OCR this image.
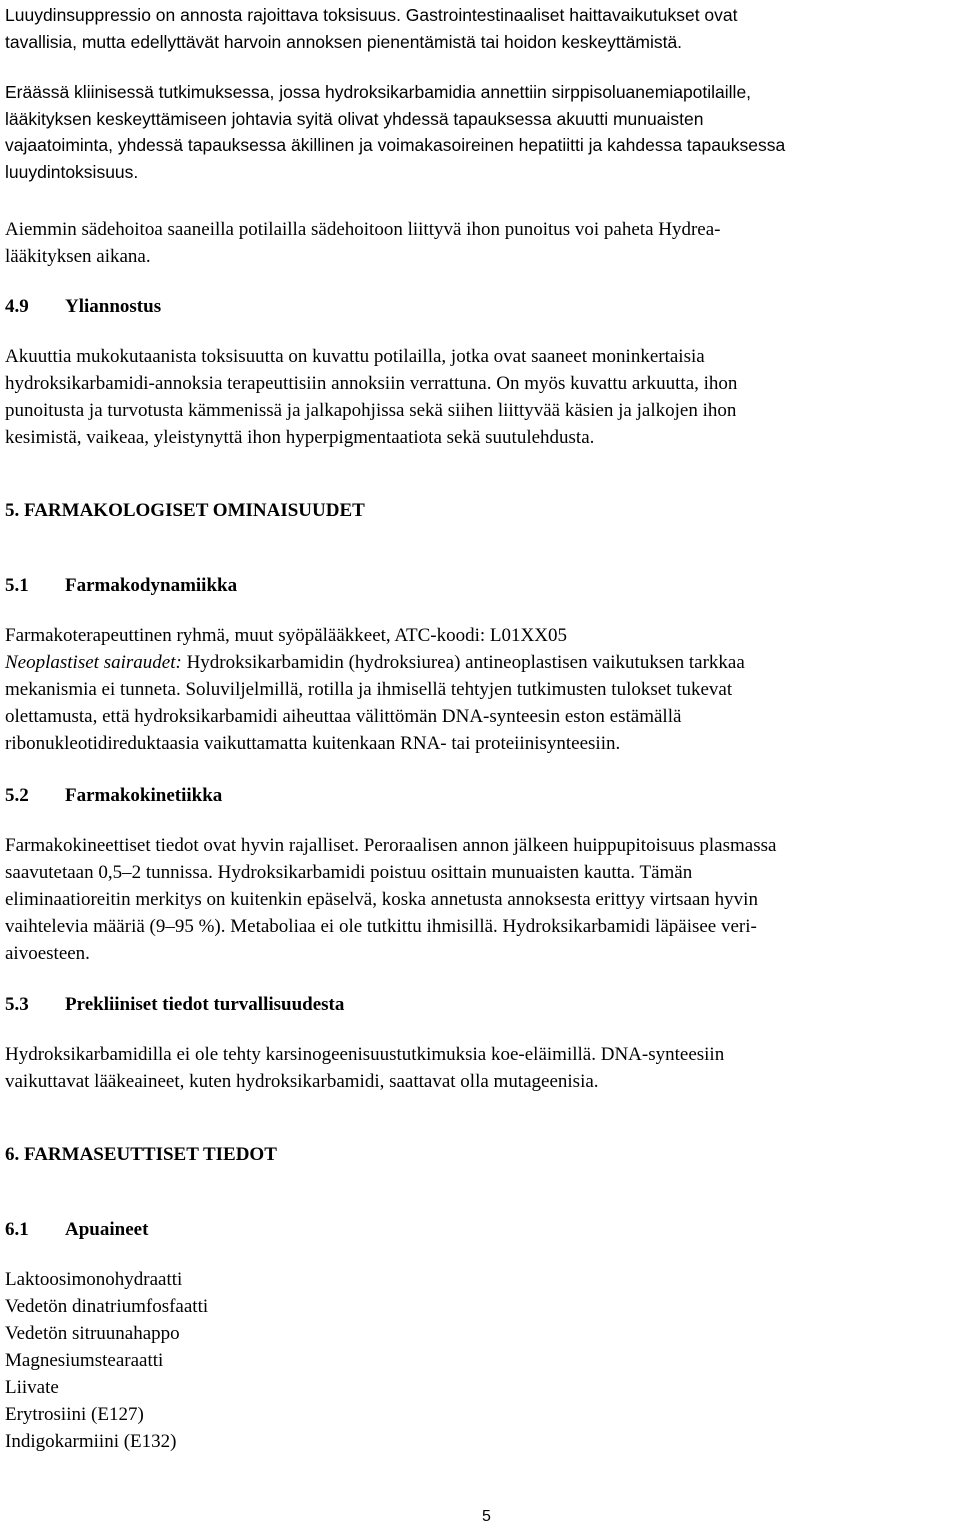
Luuydinsuppressio on annosta rajoittava toksisuus. Gastrointestinaaliset haittavaikutukset ovat
tavallisia, mutta edellyttävät harvoin annoksen pienentämistä tai hoidon keskeyttämistä.

Eräässä kliinisessä tutkimuksessa, jossa hydroksikarbamidia annettiin sirppisoluanemiapotilaille,
lääkityksen keskeyttämiseen johtavia syitä olivat yhdessä tapauksessa akuutti munuaisten
vajaatoiminta, yhdessä tapauksessa äkillinen ja voimakasoireinen hepatiitti ja kahdessa tapauksessa
luuydintoksisuus.

Aiemmin sädehoitoa saaneilla potilailla sädehoitoon liittyvä ihon punoitus voi paheta Hydrea-
lääkityksen aikana.

4.9 Yliannostus

Akuuttia mukokutaanista toksisuutta on kuvattu potilailla, jotka ovat saaneet moninkertaisia
hydroksikarbamidi-annoksia terapeuttisiin annoksiin verrattuna. On myös kuvattu arkuutta, ihon
punoitusta ja turvotusta kämmenissä ja jalkapohjissa sekä siihen liittyvää käsien ja jalkojen ihon
kesimistä, vaikeaa, yleistynyttä ihon hyperpigmentaatiota sekä suutulehdusta.

5. FARMAKOLOGISET OMINAISUUDET
5.1 Farmakodynamiikka

Farmakoterapeuttinen ryhmä, muut syöpälääkkeet, ATC-koodi: L01XX05
Neoplastiset sairaudet: Hydroksikarbamidin (hydroksiurea) antineoplastisen vaikutuksen tarkkaa
mekanismia ei tunneta. Soluviljelmillä, rotilla ja ihmisellä tehtyjen tutkimusten tulokset tukevat
olettamusta, että hydroksikarbamidi aiheuttaa välittömän DNA-synteesin eston estämällä
ribonukleotidireduktaasia vaikuttamatta kuitenkaan RNA- tai proteiinisynteesiin.

5.2 Farmakokinetiikka

Farmakokineettiset tiedot ovat hyvin rajalliset. Peroraalisen annon jälkeen huippupitoisuus plasmassa
saavutetaan 0,5–2 tunnissa. Hydroksikarbamidi poistuu osittain munuaisten kautta. Tämän
eliminaatioreitin merkitys on kuitenkin epäselvä, koska annetusta annoksesta erittyy virtsaan hyvin
vaihtelevia määriä (9–95 %). Metaboliaa ei ole tutkittu ihmisillä. Hydroksikarbamidi läpäisee veri-
aivoesteen.

5.3 Prekliiniset tiedot turvallisuudesta

Hydroksikarbamidilla ei ole tehty karsinogeenisuustutkimuksia koe-eläimillä. DNA-synteesiin
vaikuttavat lääkeaineet, kuten hydroksikarbamidi, saattavat olla mutageenisia.

6. FARMASEUTTISET TIEDOT
6.1 Apuaineet
Laktoosimonohydraatti
Vedetön dinatriumfosfaatti
Vedetön sitruunahappo
Magnesiumstearaatti
Liivate
Erytrosiini (E127)
Indigokarmiini (E132)
5
